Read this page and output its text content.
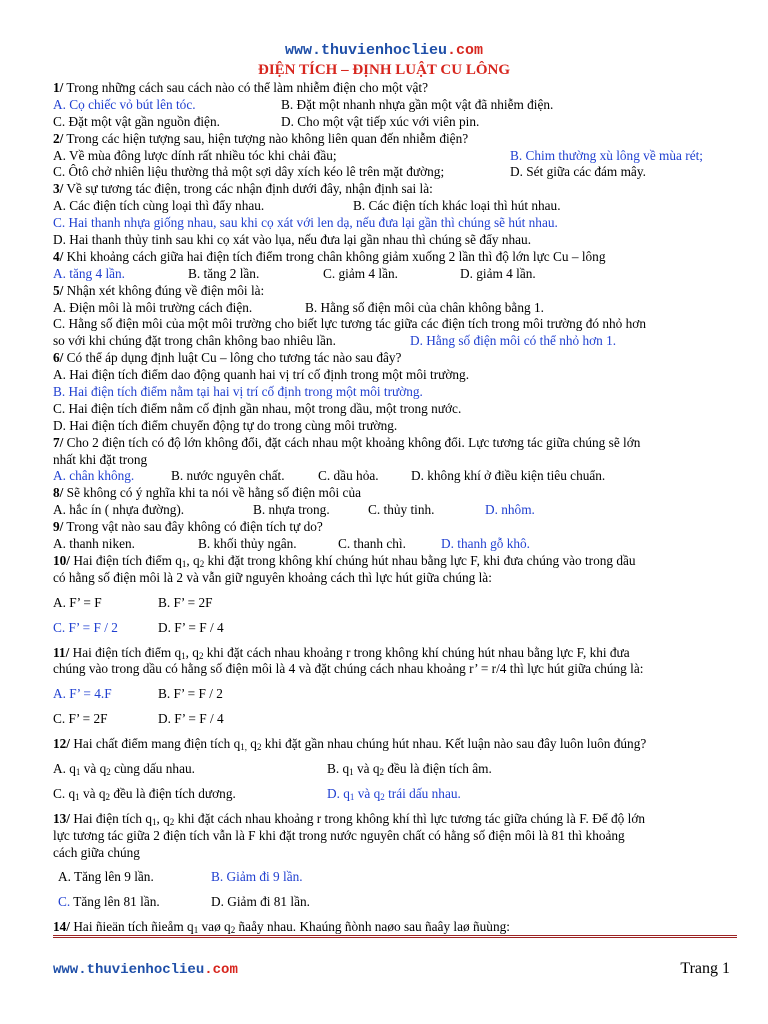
www.thuvienhoclieu.com
ĐIỆN TÍCH – ĐỊNH LUẬT CU LÔNG
1/ Trong những cách sau cách nào có thể làm nhiễm điện cho một vật?
A. Cọ chiếc vỏ bút lên tóc.	B. Đặt một nhanh nhựa gần một vật đã nhiễm điện.
C. Đặt một vật gần nguồn điện.	D. Cho một vật tiếp xúc với viên pin.
2/ Trong các hiện tượng sau, hiện tượng nào không liên quan đến nhiễm điện?
A. Về mùa đông lược dính rất nhiều tóc khi chải đầu;	B. Chim thường xù lông về mùa rét;
C. Ôtô chở nhiên liệu thường thả một sợi dây xích kéo lê trên mặt đường;	D. Sét giữa các đám mây.
3/ Về sự tương tác điện, trong các nhận định dưới đây, nhận định sai là:
A. Các điện tích cùng loại thì đẩy nhau.	B. Các điện tích khác loại thì hút nhau.
C. Hai thanh nhựa giống nhau, sau khi cọ xát với len dạ, nếu đưa lại gần thì chúng sẽ hút nhau.
D. Hai thanh thủy tinh sau khi cọ xát vào lụa, nếu đưa lại gần nhau thì chúng sẽ đẩy nhau.
4/ Khi khoảng cách giữa hai điện tích điểm trong chân không giảm xuống 2 lần thì độ lớn lực Cu – lông
A. tăng 4 lần.	B. tăng 2 lần.	C. giảm 4 lần.	D. giảm 4 lần.
5/ Nhận xét không đúng về điện môi là:
A. Điện môi là môi trường cách điện.	B. Hằng số điện môi của chân không bằng 1.
C. Hằng số điện môi của một môi trường cho biết lực tương tác giữa các điện tích trong môi trường đó nhỏ hơn
so với khi chúng đặt trong chân không bao nhiêu lần.	D. Hằng số điện môi có thể nhỏ hơn 1.
6/ Có thể áp dụng định luật Cu – lông cho tương tác nào sau đây?
A. Hai điện tích điểm dao động quanh hai vị trí cố định trong một môi trường.
B. Hai điện tích điểm nằm tại hai vị trí cố định trong một môi trường.
C. Hai điện tích điểm nằm cố định gần nhau, một trong dầu, một trong nước.
D. Hai điện tích điểm chuyển động tự do trong cùng môi trường.
7/ Cho 2 điện tích có độ lớn không đổi, đặt cách nhau một khoảng không đổi. Lực tương tác giữa chúng sẽ lớn
nhất khi đặt trong
A. chân không.	B. nước nguyên chất.	C. dầu hỏa. D. không khí ở điều kiện tiêu chuẩn.
8/ Sẽ không có ý nghĩa khi ta nói về hằng số điện môi của
A. hắc ín ( nhựa đường).	B. nhựa trong.	C. thủy tinh.	D. nhôm.
9/ Trong vật nào sau đây không có điện tích tự do?
A. thanh niken.	B. khối thủy ngân.	C. thanh chì.	D. thanh gỗ khô.
10/ Hai điện tích điểm $q_1$, $q_2$ khi đặt trong không khí chúng hút nhau bằng lực F, khi đưa chúng vào trong dầu
có hằng số điện môi là 2 và vẫn giữ nguyên khoảng cách thì lực hút giữa chúng là:
A. F’ = F	B. F’ = 2F
C. F’ = F / 2	D. F’ = F / 4
11/ Hai điện tích điểm $q_1$, $q_2$ khi đặt cách nhau khoảng r trong không khí chúng hút nhau bằng lực F, khi đưa
chúng vào trong dầu có hằng số điện môi là 4 và đặt chúng cách nhau khoảng r’ = r/4 thì lực hút giữa chúng là:
A. F’ = 4.F	B. F’ = F / 2
C. F’ = 2F	D. F’ = F / 4
12/ Hai chất điểm mang điện tích $q_{1,}$ $q_2$ khi đặt gần nhau chúng hút nhau. Kết luận nào sau đây luôn luôn đúng?
A. $q_1$ và $q_2$ cùng dấu nhau.	B. $q_1$ và $q_2$ đều là điện tích âm.
C. $q_1$ và $q_2$ đều là điện tích dương.	D. $q_1$ và $q_2$ trái dấu nhau.
13/ Hai điện tích $q_1$, $q_2$ khi đặt cách nhau khoảng r trong không khí thì lực tương tác giữa chúng là F. Để độ lớn
lực tương tác giữa 2 điện tích vẫn là F khi đặt trong nước nguyên chất có hằng số điện môi là 81 thì khoảng
cách giữa chúng
A. Tăng lên 9 lần.	B. Giảm đi 9 lần.
C. Tăng lên 81 lần.	D. Giảm đi 81 lần.
14/ Hai ñieän tích ñieåm $q_1$ vaø $q_2$ ñaåy nhau. Khaúng ñònh naøo sau ñaây laø ñuùng:
www.thuvienhoclieu.com	Trang 1
